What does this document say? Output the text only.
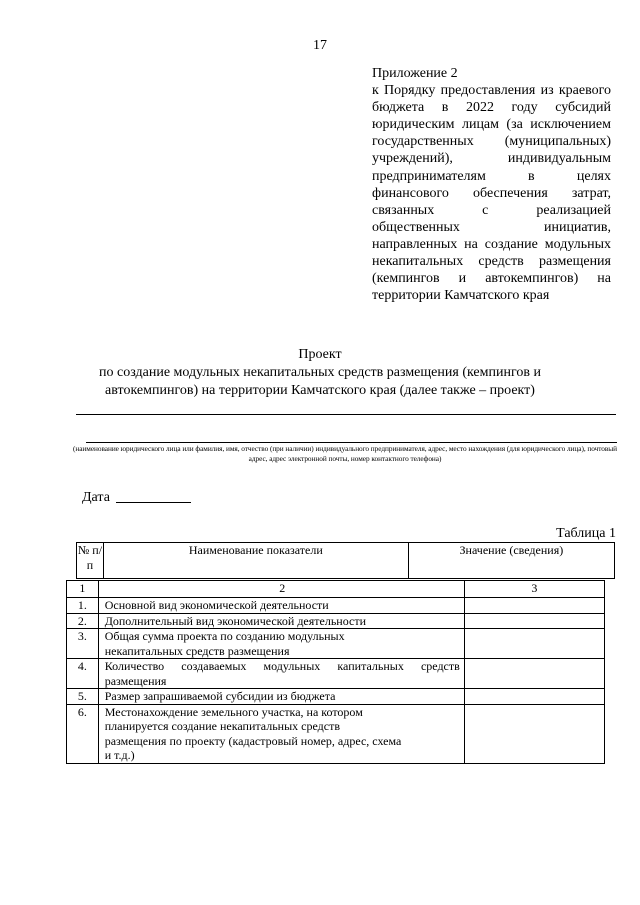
17
Приложение 2
к Порядку предоставления из краевого бюджета в 2022 году субсидий юридическим лицам (за исключением государственных (муниципальных) учреждений), индивидуальным предпринимателям в целях финансового обеспечения затрат, связанных с реализацией общественных инициатив, направленных на создание модульных некапитальных средств размещения (кемпингов и автокемпингов) на территории Камчатского края
Проект
по создание модульных некапитальных средств размещения (кемпингов и автокемпингов) на территории Камчатского края (далее также – проект)
(наименование юридического лица или фамилия, имя, отчество (при наличии) индивидуального предпринимателя, адрес, место нахождения (для юридического лица), почтовый адрес, адрес электронной почты, номер контактного телефона)
Дата
Таблица 1
№ п/п	Наименование показатели	Значение (сведения)
1	2	3
1.	Основной вид экономической деятельности	
2.	Дополнительный вид экономической деятельности	
3.	Общая сумма проекта по созданию модульных некапитальных средств размещения	
4.	Количество создаваемых модульных капитальных средств размещения	
5.	Размер запрашиваемой субсидии из бюджета	
6.	Местонахождение земельного участка, на котором планируется создание некапитальных средств размещения по проекту (кадастровый номер, адрес, схема и т.д.)	
